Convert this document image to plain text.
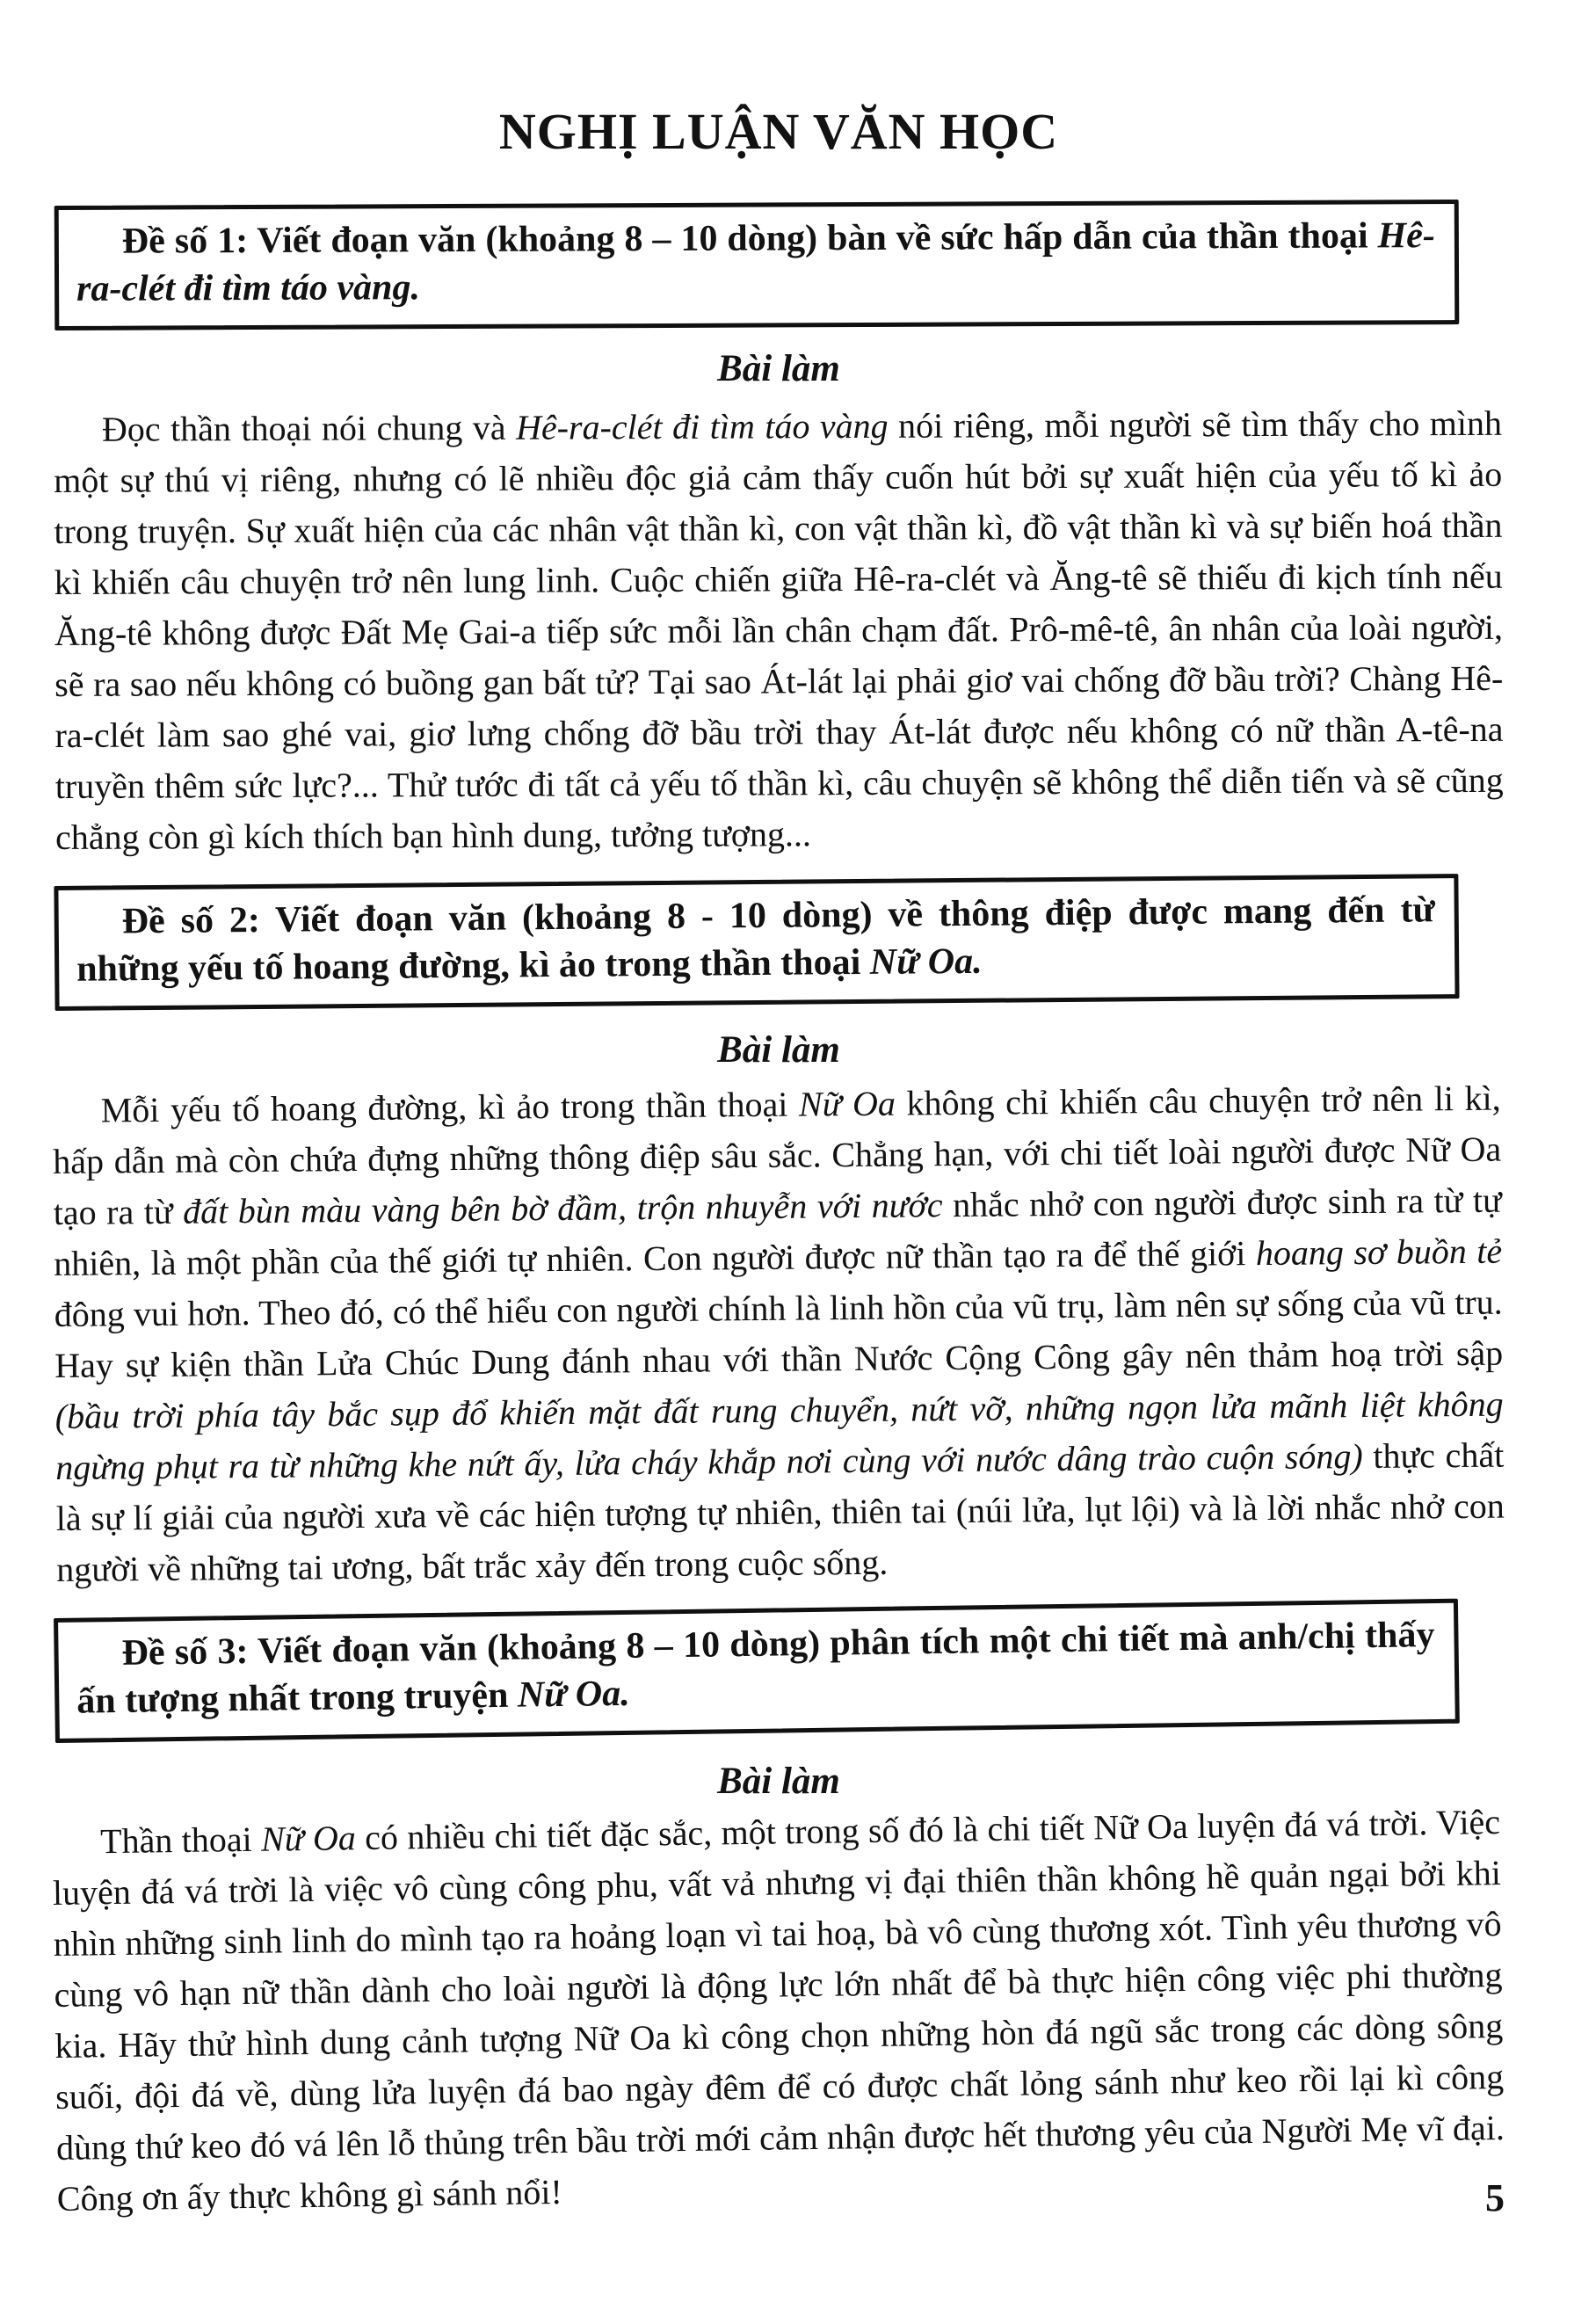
NGHỊ LUẬN VĂN HỌC

Đề số 1: Viết đoạn văn (khoảng 8 – 10 dòng) bàn về sức hấp dẫn của thần thoại Hê-ra-clét đi tìm táo vàng.

Bài làm

Đọc thần thoại nói chung và Hê-ra-clét đi tìm táo vàng nói riêng, mỗi người sẽ tìm thấy cho mình một sự thú vị riêng, nhưng có lẽ nhiều độc giả cảm thấy cuốn hút bởi sự xuất hiện của yếu tố kì ảo trong truyện. Sự xuất hiện của các nhân vật thần kì, con vật thần kì, đồ vật thần kì và sự biến hoá thần kì khiến câu chuyện trở nên lung linh. Cuộc chiến giữa Hê-ra-clét và Ăng-tê sẽ thiếu đi kịch tính nếu Ăng-tê không được Đất Mẹ Gai-a tiếp sức mỗi lần chân chạm đất. Prô-mê-tê, ân nhân của loài người, sẽ ra sao nếu không có buồng gan bất tử? Tại sao Át-lát lại phải giơ vai chống đỡ bầu trời? Chàng Hê-ra-clét làm sao ghé vai, giơ lưng chống đỡ bầu trời thay Át-lát được nếu không có nữ thần A-tê-na truyền thêm sức lực?... Thử tước đi tất cả yếu tố thần kì, câu chuyện sẽ không thể diễn tiến và sẽ cũng chẳng còn gì kích thích bạn hình dung, tưởng tượng...

Đề số 2: Viết đoạn văn (khoảng 8 - 10 dòng) về thông điệp được mang đến từ những yếu tố hoang đường, kì ảo trong thần thoại Nữ Oa.

Bài làm

Mỗi yếu tố hoang đường, kì ảo trong thần thoại Nữ Oa không chỉ khiến câu chuyện trở nên li kì, hấp dẫn mà còn chứa đựng những thông điệp sâu sắc. Chẳng hạn, với chi tiết loài người được Nữ Oa tạo ra từ đất bùn màu vàng bên bờ đầm, trộn nhuyễn với nước nhắc nhở con người được sinh ra từ tự nhiên, là một phần của thế giới tự nhiên. Con người được nữ thần tạo ra để thế giới hoang sơ buồn tẻ đông vui hơn. Theo đó, có thể hiểu con người chính là linh hồn của vũ trụ, làm nên sự sống của vũ trụ. Hay sự kiện thần Lửa Chúc Dung đánh nhau với thần Nước Cộng Công gây nên thảm hoạ trời sập (bầu trời phía tây bắc sụp đổ khiến mặt đất rung chuyển, nứt vỡ, những ngọn lửa mãnh liệt không ngừng phụt ra từ những khe nứt ấy, lửa cháy khắp nơi cùng với nước dâng trào cuộn sóng) thực chất là sự lí giải của người xưa về các hiện tượng tự nhiên, thiên tai (núi lửa, lụt lội) và là lời nhắc nhở con người về những tai ương, bất trắc xảy đến trong cuộc sống.

Đề số 3: Viết đoạn văn (khoảng 8 – 10 dòng) phân tích một chi tiết mà anh/chị thấy ấn tượng nhất trong truyện Nữ Oa.

Bài làm

Thần thoại Nữ Oa có nhiều chi tiết đặc sắc, một trong số đó là chi tiết Nữ Oa luyện đá vá trời. Việc luyện đá vá trời là việc vô cùng công phu, vất vả nhưng vị đại thiên thần không hề quản ngại bởi khi nhìn những sinh linh do mình tạo ra hoảng loạn vì tai hoạ, bà vô cùng thương xót. Tình yêu thương vô cùng vô hạn nữ thần dành cho loài người là động lực lớn nhất để bà thực hiện công việc phi thường kia. Hãy thử hình dung cảnh tượng Nữ Oa kì công chọn những hòn đá ngũ sắc trong các dòng sông suối, đội đá về, dùng lửa luyện đá bao ngày đêm để có được chất lỏng sánh như keo rồi lại kì công dùng thứ keo đó vá lên lỗ thủng trên bầu trời mới cảm nhận được hết thương yêu của Người Mẹ vĩ đại. Công ơn ấy thực không gì sánh nổi!	5
